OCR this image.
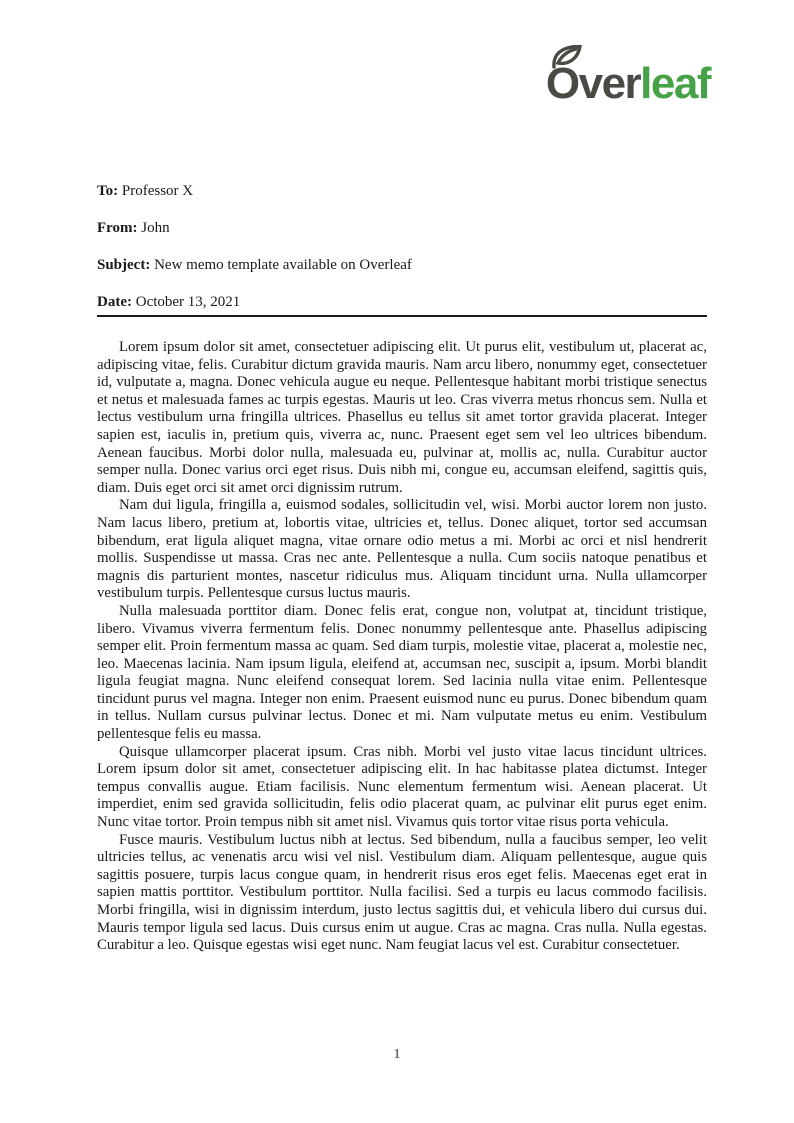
Overleaf
To: Professor X
From: John
Subject: New memo template available on Overleaf
Date: October 13, 2021

Lorem ipsum dolor sit amet, consectetuer adipiscing elit. Ut purus elit, vestibulum ut, placerat ac, adipiscing vitae, felis. Curabitur dictum gravida mauris. Nam arcu libero, nonummy eget, consectetuer id, vulputate a, magna. Donec vehicula augue eu neque. Pellentesque habitant morbi tristique senectus et netus et malesuada fames ac turpis egestas. Mauris ut leo. Cras viverra metus rhoncus sem. Nulla et lectus vestibulum urna fringilla ultrices. Phasellus eu tellus sit amet tortor gravida placerat. Integer sapien est, iaculis in, pretium quis, viverra ac, nunc. Praesent eget sem vel leo ultrices bibendum. Aenean faucibus. Morbi dolor nulla, malesuada eu, pulvinar at, mollis ac, nulla. Curabitur auctor semper nulla. Donec varius orci eget risus. Duis nibh mi, congue eu, accumsan eleifend, sagittis quis, diam. Duis eget orci sit amet orci dignissim rutrum.

Nam dui ligula, fringilla a, euismod sodales, sollicitudin vel, wisi. Morbi auctor lorem non justo. Nam lacus libero, pretium at, lobortis vitae, ultricies et, tellus. Donec aliquet, tortor sed accumsan bibendum, erat ligula aliquet magna, vitae ornare odio metus a mi. Morbi ac orci et nisl hendrerit mollis. Suspendisse ut massa. Cras nec ante. Pellentesque a nulla. Cum sociis natoque penatibus et magnis dis parturient montes, nascetur ridiculus mus. Aliquam tincidunt urna. Nulla ullamcorper vestibulum turpis. Pellentesque cursus luctus mauris.

Nulla malesuada porttitor diam. Donec felis erat, congue non, volutpat at, tincidunt tristique, libero. Vivamus viverra fermentum felis. Donec nonummy pellentesque ante. Phasellus adipiscing semper elit. Proin fermentum massa ac quam. Sed diam turpis, molestie vitae, placerat a, molestie nec, leo. Maecenas lacinia. Nam ipsum ligula, eleifend at, accumsan nec, suscipit a, ipsum. Morbi blandit ligula feugiat magna. Nunc eleifend consequat lorem. Sed lacinia nulla vitae enim. Pellentesque tincidunt purus vel magna. Integer non enim. Praesent euismod nunc eu purus. Donec bibendum quam in tellus. Nullam cursus pulvinar lectus. Donec et mi. Nam vulputate metus eu enim. Vestibulum pellentesque felis eu massa.

Quisque ullamcorper placerat ipsum. Cras nibh. Morbi vel justo vitae lacus tincidunt ultrices. Lorem ipsum dolor sit amet, consectetuer adipiscing elit. In hac habitasse platea dictumst. Integer tempus convallis augue. Etiam facilisis. Nunc elementum fermentum wisi. Aenean placerat. Ut imperdiet, enim sed gravida sollicitudin, felis odio placerat quam, ac pulvinar elit purus eget enim. Nunc vitae tortor. Proin tempus nibh sit amet nisl. Vivamus quis tortor vitae risus porta vehicula.

Fusce mauris. Vestibulum luctus nibh at lectus. Sed bibendum, nulla a faucibus semper, leo velit ultricies tellus, ac venenatis arcu wisi vel nisl. Vestibulum diam. Aliquam pellentesque, augue quis sagittis posuere, turpis lacus congue quam, in hendrerit risus eros eget felis. Maecenas eget erat in sapien mattis porttitor. Vestibulum porttitor. Nulla facilisi. Sed a turpis eu lacus commodo facilisis. Morbi fringilla, wisi in dignissim interdum, justo lectus sagittis dui, et vehicula libero dui cursus dui. Mauris tempor ligula sed lacus. Duis cursus enim ut augue. Cras ac magna. Cras nulla. Nulla egestas. Curabitur a leo. Quisque egestas wisi eget nunc. Nam feugiat lacus vel est. Curabitur consectetuer.

1
